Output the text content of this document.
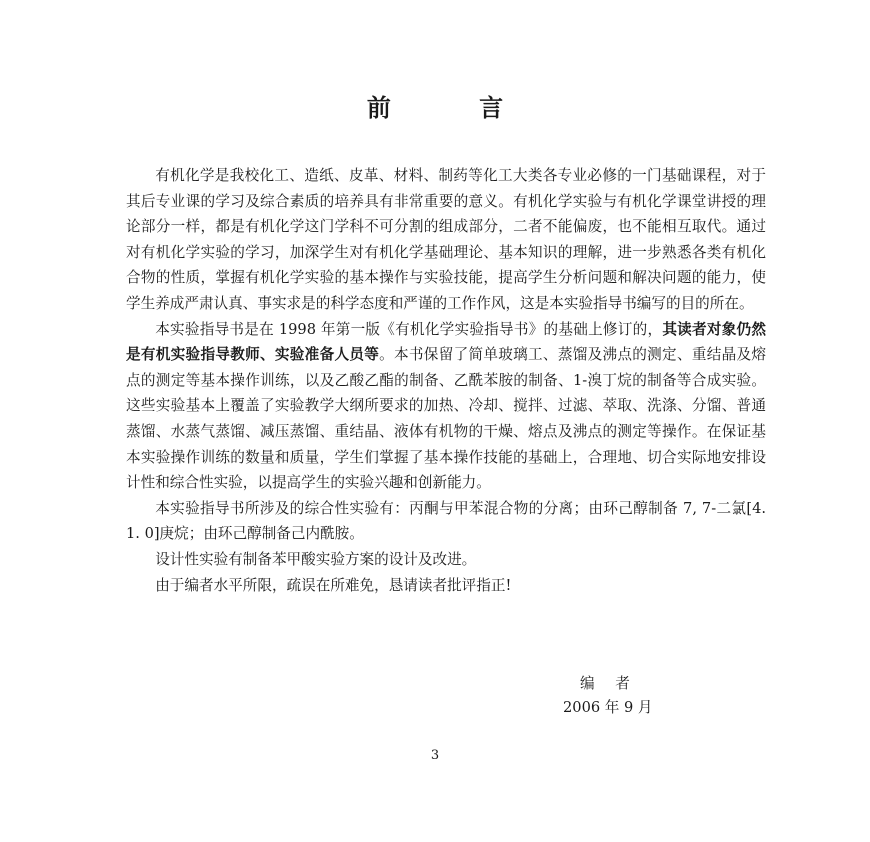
前 言

有机化学是我校化工、造纸、皮革、材料、制药等化工大类各专业必修的一门基础课程，对于其后专业课的学习及综合素质的培养具有非常重要的意义。有机化学实验与有机化学课堂讲授的理论部分一样，都是有机化学这门学科不可分割的组成部分，二者不能偏废，也不能相互取代。通过对有机化学实验的学习，加深学生对有机化学基础理论、基本知识的理解，进一步熟悉各类有机化合物的性质，掌握有机化学实验的基本操作与实验技能，提高学生分析问题和解决问题的能力，使学生养成严肃认真、事实求是的科学态度和严谨的工作作风，这是本实验指导书编写的目的所在。

本实验指导书是在 1998 年第一版《有机化学实验指导书》的基础上修订的，其读者对象仍然是有机实验指导教师、实验准备人员等。本书保留了简单玻璃工、蒸馏及沸点的测定、重结晶及熔点的测定等基本操作训练，以及乙酸乙酯的制备、乙酰苯胺的制备、1-溴丁烷的制备等合成实验。这些实验基本上覆盖了实验教学大纲所要求的加热、冷却、搅拌、过滤、萃取、洗涤、分馏、普通蒸馏、水蒸气蒸馏、减压蒸馏、重结晶、液体有机物的干燥、熔点及沸点的测定等操作。在保证基本实验操作训练的数量和质量，学生们掌握了基本操作技能的基础上，合理地、切合实际地安排设计性和综合性实验，以提高学生的实验兴趣和创新能力。

本实验指导书所涉及的综合性实验有：丙酮与甲苯混合物的分离；由环己醇制备 7, 7-二氯[4. 1. 0]庚烷；由环己醇制备己内酰胺。

设计性实验有制备苯甲酸实验方案的设计及改进。

由于编者水平所限，疏误在所难免，恳请读者批评指正!

编 者
2006 年 9 月
3
